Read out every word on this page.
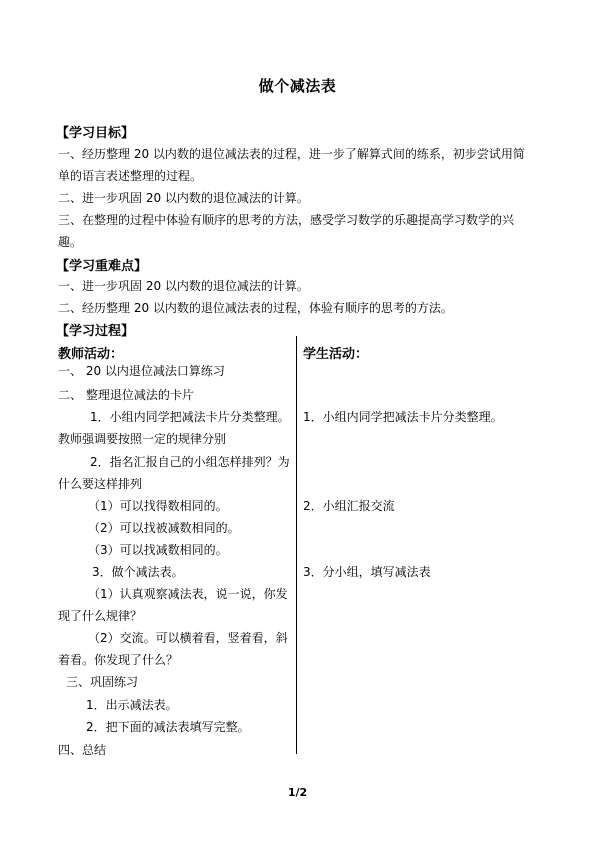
做个减法表
【学习目标】
一、经历整理 20 以内数的退位减法表的过程，进一步了解算式间的练系，初步尝试用简
单的语言表述整理的过程。
二、进一步巩固 20 以内数的退位减法的计算。
三、在整理的过程中体验有顺序的思考的方法，感受学习数学的乐趣提高学习数学的兴
趣。
【学习重难点】
一、进一步巩固 20 以内数的退位减法的计算。
二、经历整理 20 以内数的退位减法表的过程，体验有顺序的思考的方法。
【学习过程】
教师活动：	学生活动：
一、 20 以内退位减法口算练习
二、 整理退位减法的卡片
1．小组内同学把减法卡片分类整理。
教师强调要按照一定的规律分别
2．指名汇报自己的小组怎样排列？为
什么要这样排列
（1）可以找得数相同的。
（2）可以找被减数相同的。
（3）可以找减数相同的。
3．做个减法表。
（1）认真观察减法表，说一说，你发
现了什么规律？
（2）交流。可以横着看，竖着看，斜
着看。你发现了什么？
三、巩固练习
1．出示减法表。
2．把下面的减法表填写完整。
四、总结
1．小组内同学把减法卡片分类整理。
2．小组汇报交流
3．分小组，填写减法表
1/2
